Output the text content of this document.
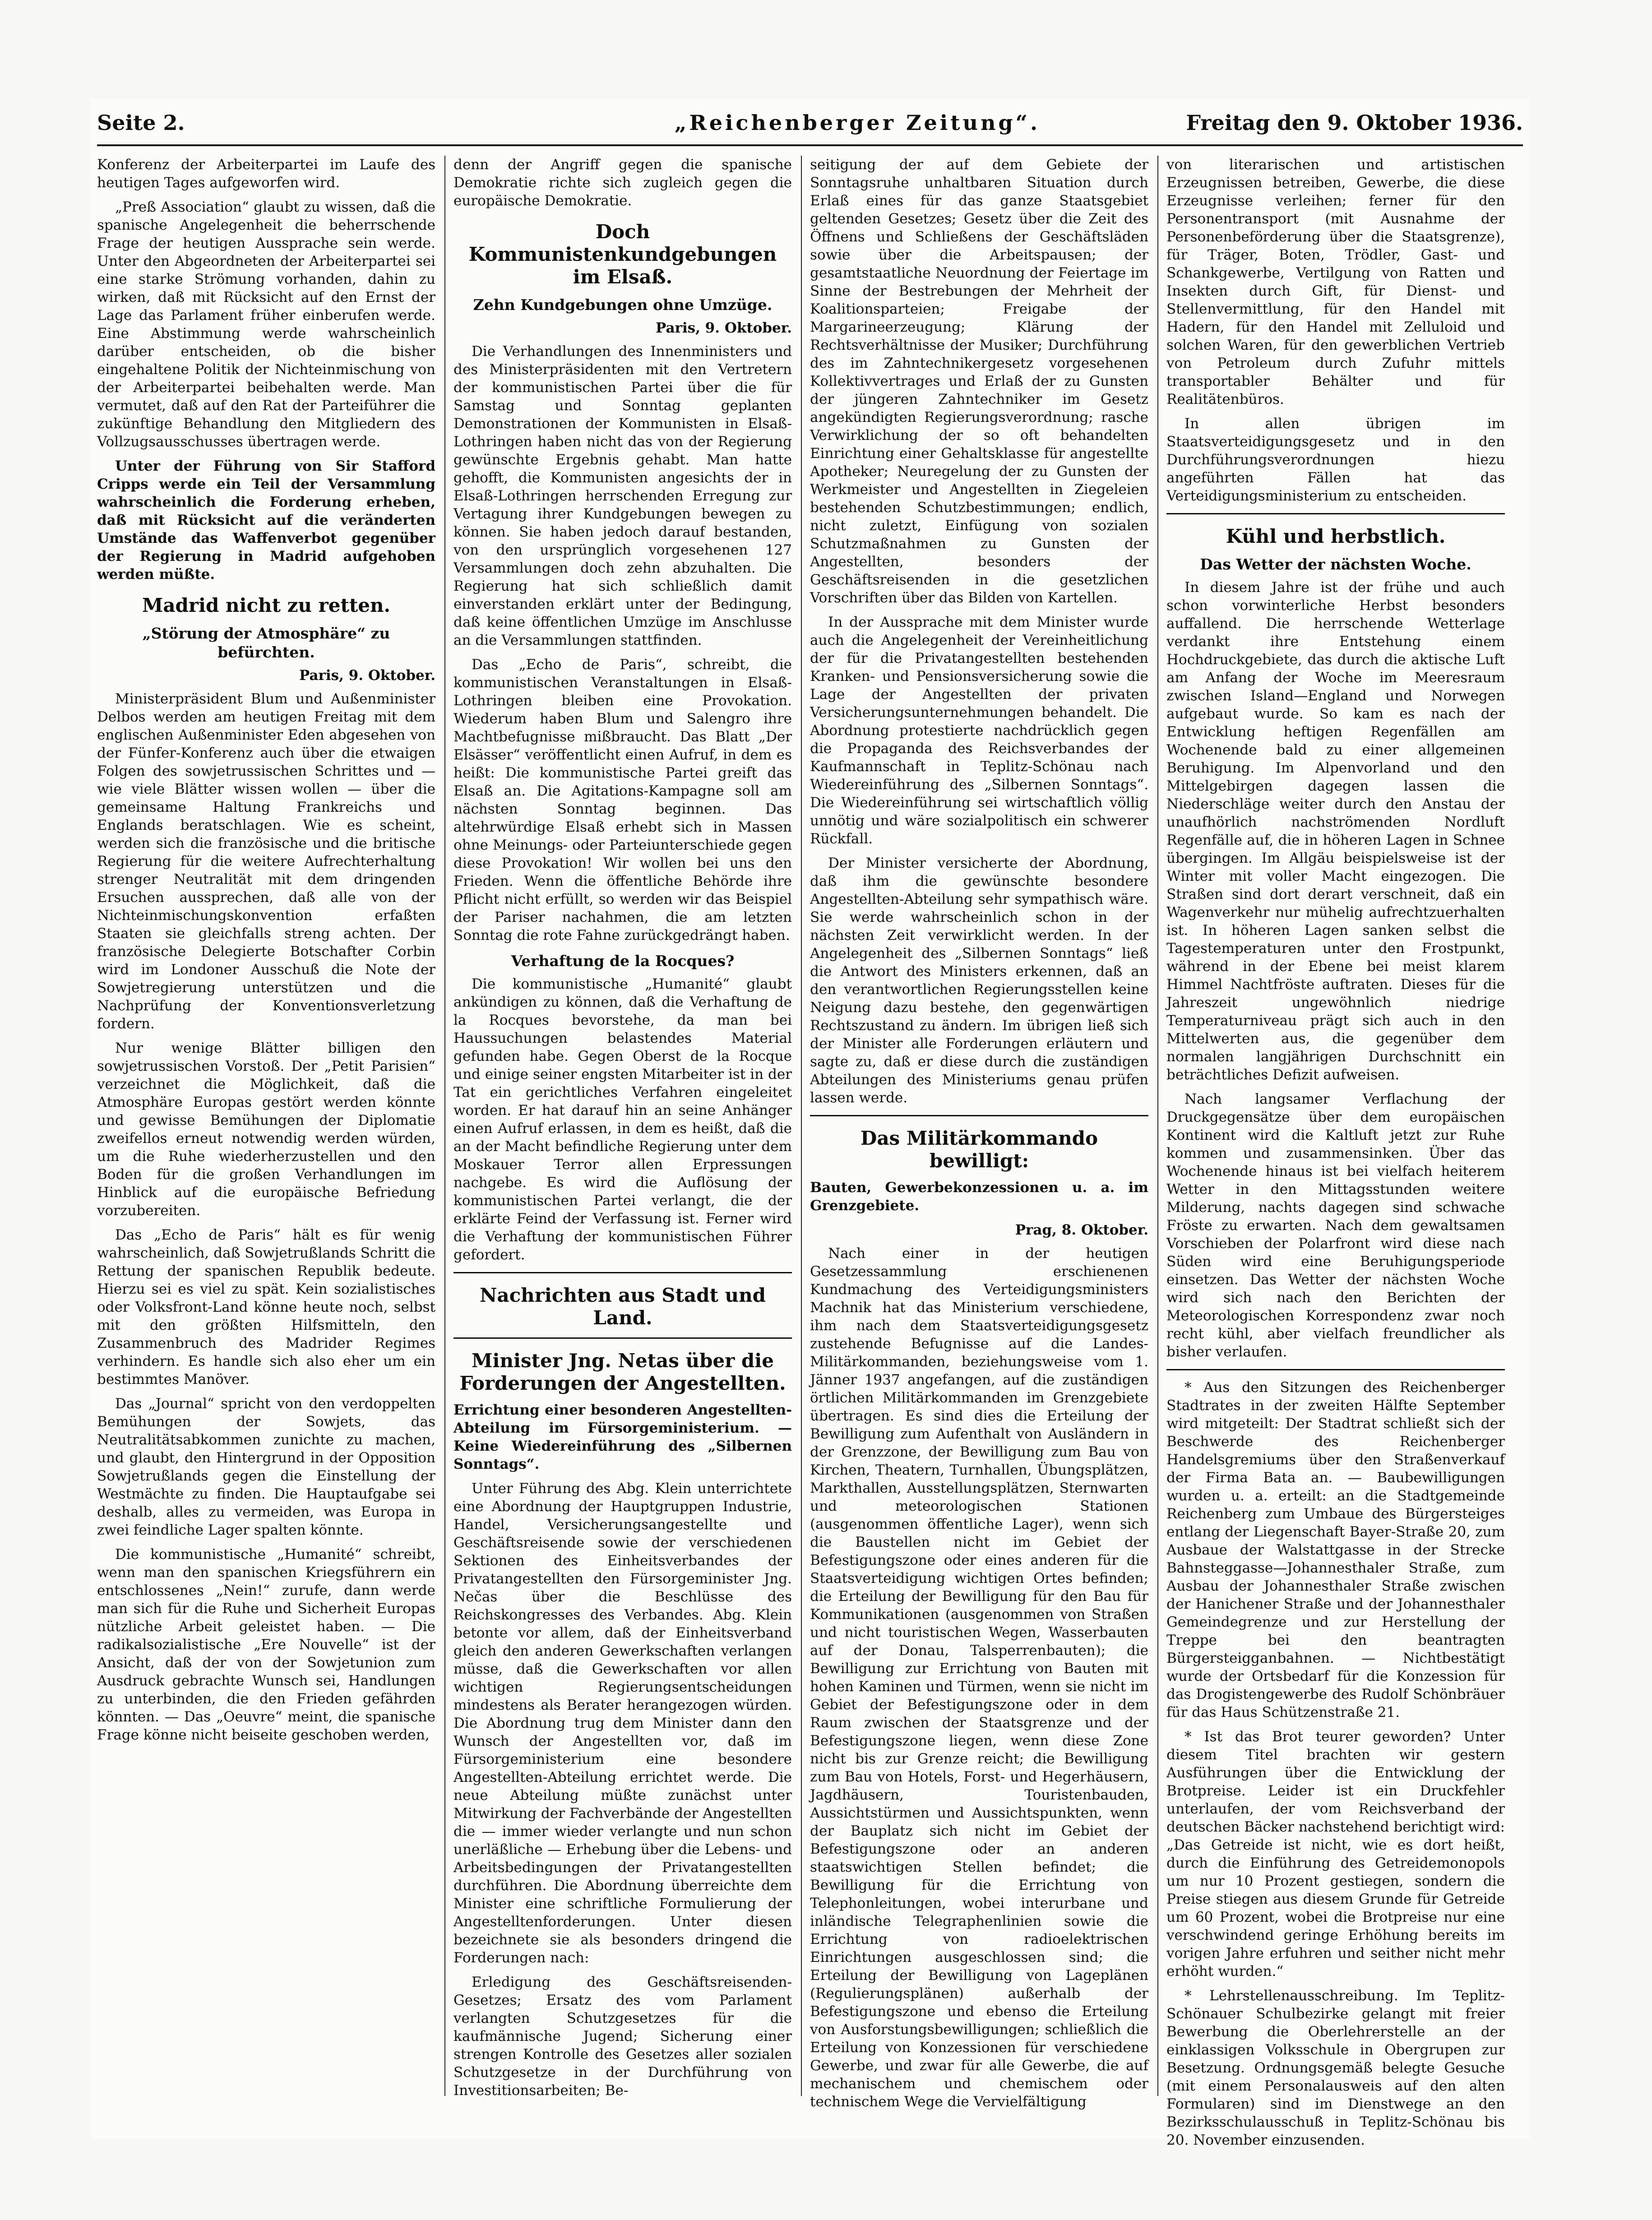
Seite 2.	„Reichenberger Zeitung“.	Freitag den 9. Oktober 1936.

Konferenz der Arbeiterpartei im Laufe des heutigen Tages aufgeworfen wird.

„Preß Association“ glaubt zu wissen, daß die spanische Angelegenheit die beherrschende Frage der heutigen Aussprache sein werde. Unter den Abgeordneten der Arbeiterpartei sei eine starke Strömung vorhanden, dahin zu wirken, daß mit Rücksicht auf den Ernst der Lage das Parlament früher einberufen werde. Eine Abstimmung werde wahrscheinlich darüber entscheiden, ob die bisher eingehaltene Politik der Nichteinmischung von der Arbeiterpartei beibehalten werde. Man vermutet, daß auf den Rat der Parteiführer die zukünftige Behandlung den Mitgliedern des Vollzugsausschusses übertragen werde.

Unter der Führung von Sir Stafford Cripps werde ein Teil der Versammlung wahrscheinlich die Forderung erheben, daß mit Rücksicht auf die veränderten Umstände das Waffenverbot gegenüber der Regierung in Madrid aufgehoben werden müßte.

Madrid nicht zu retten.
„Störung der Atmosphäre“ zu befürchten.
Paris, 9. Oktober.

Ministerpräsident Blum und Außenminister Delbos werden am heutigen Freitag mit dem englischen Außenminister Eden abgesehen von der Fünfer-Konferenz auch über die etwaigen Folgen des sowjetrussischen Schrittes und — wie viele Blätter wissen wollen — über die gemeinsame Haltung Frankreichs und Englands beratschlagen. Wie es scheint, werden sich die französische und die britische Regierung für die weitere Aufrechterhaltung strenger Neutralität mit dem dringenden Ersuchen aussprechen, daß alle von der Nichteinmischungskonvention erfaßten Staaten sie gleichfalls streng achten. Der französische Delegierte Botschafter Corbin wird im Londoner Ausschuß die Note der Sowjetregierung unterstützen und die Nachprüfung der Konventionsverletzung fordern.

Nur wenige Blätter billigen den sowjetrussischen Vorstoß. Der „Petit Parisien“ verzeichnet die Möglichkeit, daß die Atmosphäre Europas gestört werden könnte und gewisse Bemühungen der Diplomatie zweifellos erneut notwendig werden würden, um die Ruhe wiederherzustellen und den Boden für die großen Verhandlungen im Hinblick auf die europäische Befriedung vorzubereiten.

Das „Echo de Paris“ hält es für wenig wahrscheinlich, daß Sowjetrußlands Schritt die Rettung der spanischen Republik bedeute. Hierzu sei es viel zu spät. Kein sozialistisches oder Volksfront-Land könne heute noch, selbst mit den größten Hilfsmitteln, den Zusammenbruch des Madrider Regimes verhindern. Es handle sich also eher um ein bestimmtes Manöver.

Das „Journal“ spricht von den verdoppelten Bemühungen der Sowjets, das Neutralitätsabkommen zunichte zu machen, und glaubt, den Hintergrund in der Opposition Sowjetrußlands gegen die Einstellung der Westmächte zu finden. Die Hauptaufgabe sei deshalb, alles zu vermeiden, was Europa in zwei feindliche Lager spalten könnte.

Die kommunistische „Humanité“ schreibt, wenn man den spanischen Kriegsführern ein entschlossenes „Nein!“ zurufe, dann werde man sich für die Ruhe und Sicherheit Europas nützliche Arbeit geleistet haben. — Die radikalsozialistische „Ere Nouvelle“ ist der Ansicht, daß der von der Sowjetunion zum Ausdruck gebrachte Wunsch sei, Handlungen zu unterbinden, die den Frieden gefährden könnten. — Das „Oeuvre“ meint, die spanische Frage könne nicht beiseite geschoben werden,

denn der Angriff gegen die spanische Demokratie richte sich zugleich gegen die europäische Demokratie.

Doch Kommunistenkundgebungen im Elsaß.
Zehn Kundgebungen ohne Umzüge.
Paris, 9. Oktober.

Die Verhandlungen des Innenministers und des Ministerpräsidenten mit den Vertretern der kommunistischen Partei über die für Samstag und Sonntag geplanten Demonstrationen der Kommunisten in Elsaß-Lothringen haben nicht das von der Regierung gewünschte Ergebnis gehabt. Man hatte gehofft, die Kommunisten angesichts der in Elsaß-Lothringen herrschenden Erregung zur Vertagung ihrer Kundgebungen bewegen zu können. Sie haben jedoch darauf bestanden, von den ursprünglich vorgesehenen 127 Versammlungen doch zehn abzuhalten. Die Regierung hat sich schließlich damit einverstanden erklärt unter der Bedingung, daß keine öffentlichen Umzüge im Anschlusse an die Versammlungen stattfinden.

Das „Echo de Paris“, schreibt, die kommunistischen Veranstaltungen in Elsaß-Lothringen bleiben eine Provokation. Wiederum haben Blum und Salengro ihre Machtbefugnisse mißbraucht. Das Blatt „Der Elsässer“ veröffentlicht einen Aufruf, in dem es heißt: Die kommunistische Partei greift das Elsaß an. Die Agitations-Kampagne soll am nächsten Sonntag beginnen. Das altehrwürdige Elsaß erhebt sich in Massen ohne Meinungs- oder Parteiunterschiede gegen diese Provokation! Wir wollen bei uns den Frieden. Wenn die öffentliche Behörde ihre Pflicht nicht erfüllt, so werden wir das Beispiel der Pariser nachahmen, die am letzten Sonntag die rote Fahne zurückgedrängt haben.

Verhaftung de la Rocques?

Die kommunistische „Humanité“ glaubt ankündigen zu können, daß die Verhaftung de la Rocques bevorstehe, da man bei Haussuchungen belastendes Material gefunden habe. Gegen Oberst de la Rocque und einige seiner engsten Mitarbeiter ist in der Tat ein gerichtliches Verfahren eingeleitet worden. Er hat darauf hin an seine Anhänger einen Aufruf erlassen, in dem es heißt, daß die an der Macht befindliche Regierung unter dem Moskauer Terror allen Erpressungen nachgebe. Es wird die Auflösung der kommunistischen Partei verlangt, die der erklärte Feind der Verfassung ist. Ferner wird die Verhaftung der kommunistischen Führer gefordert.

Nachrichten aus Stadt und Land.
Minister Jng. Netas über die Forderungen der Angestellten.

Errichtung einer besonderen Angestellten-Abteilung im Fürsorgeministerium. — Keine Wiedereinführung des „Silbernen Sonntags“.

Unter Führung des Abg. Klein unterrichtete eine Abordnung der Hauptgruppen Industrie, Handel, Versicherungsangestellte und Geschäftsreisende sowie der verschiedenen Sektionen des Einheitsverbandes der Privatangestellten den Fürsorgeminister Jng. Nečas über die Beschlüsse des Reichskongresses des Verbandes. Abg. Klein betonte vor allem, daß der Einheitsverband gleich den anderen Gewerkschaften verlangen müsse, daß die Gewerkschaften vor allen wichtigen Regierungsentscheidungen mindestens als Berater herangezogen würden. Die Abordnung trug dem Minister dann den Wunsch der Angestellten vor, daß im Fürsorgeministerium eine besondere Angestellten-Abteilung errichtet werde. Die neue Abteilung müßte zunächst unter Mitwirkung der Fachverbände der Angestellten die — immer wieder verlangte und nun schon unerläßliche — Erhebung über die Lebens- und Arbeitsbedingungen der Privatangestellten durchführen. Die Abordnung überreichte dem Minister eine schriftliche Formulierung der Angestelltenforderungen. Unter diesen bezeichnete sie als besonders dringend die Forderungen nach:

Erledigung des Geschäftsreisenden-Gesetzes; Ersatz des vom Parlament verlangten Schutzgesetzes für die kaufmännische Jugend; Sicherung einer strengen Kontrolle des Gesetzes aller sozialen Schutzgesetze in der Durchführung von Investitionsarbeiten; Be-

seitigung der auf dem Gebiete der Sonntagsruhe unhaltbaren Situation durch Erlaß eines für das ganze Staatsgebiet geltenden Gesetzes; Gesetz über die Zeit des Öffnens und Schließens der Geschäftsläden sowie über die Arbeitspausen; der gesamtstaatliche Neuordnung der Feiertage im Sinne der Bestrebungen der Mehrheit der Koalitionsparteien; Freigabe der Margarineerzeugung; Klärung der Rechtsverhältnisse der Musiker; Durchführung des im Zahntechnikergesetz vorgesehenen Kollektivvertrages und Erlaß der zu Gunsten der jüngeren Zahntechniker im Gesetz angekündigten Regierungsverordnung; rasche Verwirklichung der so oft behandelten Einrichtung einer Gehaltsklasse für angestellte Apotheker; Neuregelung der zu Gunsten der Werkmeister und Angestellten in Ziegeleien bestehenden Schutzbestimmungen; endlich, nicht zuletzt, Einfügung von sozialen Schutzmaßnahmen zu Gunsten der Angestellten, besonders der Geschäftsreisenden in die gesetzlichen Vorschriften über das Bilden von Kartellen.

In der Aussprache mit dem Minister wurde auch die Angelegenheit der Vereinheitlichung der für die Privatangestellten bestehenden Kranken- und Pensionsversicherung sowie die Lage der Angestellten der privaten Versicherungsunternehmungen behandelt. Die Abordnung protestierte nachdrücklich gegen die Propaganda des Reichsverbandes der Kaufmannschaft in Teplitz-Schönau nach Wiedereinführung des „Silbernen Sonntags“. Die Wiedereinführung sei wirtschaftlich völlig unnötig und wäre sozialpolitisch ein schwerer Rückfall.

Der Minister versicherte der Abordnung, daß ihm die gewünschte besondere Angestellten-Abteilung sehr sympathisch wäre. Sie werde wahrscheinlich schon in der nächsten Zeit verwirklicht werden. In der Angelegenheit des „Silbernen Sonntags“ ließ die Antwort des Ministers erkennen, daß an den verantwortlichen Regierungsstellen keine Neigung dazu bestehe, den gegenwärtigen Rechtszustand zu ändern. Im übrigen ließ sich der Minister alle Forderungen erläutern und sagte zu, daß er diese durch die zuständigen Abteilungen des Ministeriums genau prüfen lassen werde.

Das Militärkommando bewilligt:

Bauten, Gewerbekonzessionen u. a. im Grenzgebiete.

Prag, 8. Oktober.

Nach einer in der heutigen Gesetzessammlung erschienenen Kundmachung des Verteidigungsministers Machnik hat das Ministerium verschiedene, ihm nach dem Staatsverteidigungsgesetz zustehende Befugnisse auf die Landes-Militärkommanden, beziehungsweise vom 1. Jänner 1937 angefangen, auf die zuständigen örtlichen Militärkommanden im Grenzgebiete übertragen. Es sind dies die Erteilung der Bewilligung zum Aufenthalt von Ausländern in der Grenzzone, der Bewilligung zum Bau von Kirchen, Theatern, Turnhallen, Übungsplätzen, Markthallen, Ausstellungsplätzen, Sternwarten und meteorologischen Stationen (ausgenommen öffentliche Lager), wenn sich die Baustellen nicht im Gebiet der Befestigungszone oder eines anderen für die Staatsverteidigung wichtigen Ortes befinden; die Erteilung der Bewilligung für den Bau für Kommunikationen (ausgenommen von Straßen und nicht touristischen Wegen, Wasserbauten auf der Donau, Talsperrenbauten); die Bewilligung zur Errichtung von Bauten mit hohen Kaminen und Türmen, wenn sie nicht im Gebiet der Befestigungszone oder in dem Raum zwischen der Staatsgrenze und der Befestigungszone liegen, wenn diese Zone nicht bis zur Grenze reicht; die Bewilligung zum Bau von Hotels, Forst- und Hegerhäusern, Jagdhäusern, Touristenbauden, Aussichtstürmen und Aussichtspunkten, wenn der Bauplatz sich nicht im Gebiet der Befestigungszone oder an anderen staatswichtigen Stellen befindet; die Bewilligung für die Errichtung von Telephonleitungen, wobei interurbane und inländische Telegraphenlinien sowie die Errichtung von radioelektrischen Einrichtungen ausgeschlossen sind; die Erteilung der Bewilligung von Lageplänen (Regulierungsplänen) außerhalb der Befestigungszone und ebenso die Erteilung von Ausforstungsbewilligungen; schließlich die Erteilung von Konzessionen für verschiedene Gewerbe, und zwar für alle Gewerbe, die auf mechanischem und chemischem oder technischem Wege die Vervielfältigung

von literarischen und artistischen Erzeugnissen betreiben, Gewerbe, die diese Erzeugnisse verleihen; ferner für den Personentransport (mit Ausnahme der Personenbeförderung über die Staatsgrenze), für Träger, Boten, Trödler, Gast- und Schankgewerbe, Vertilgung von Ratten und Insekten durch Gift, für Dienst- und Stellenvermittlung, für den Handel mit Hadern, für den Handel mit Zelluloid und solchen Waren, für den gewerblichen Vertrieb von Petroleum durch Zufuhr mittels transportabler Behälter und für Realitätenbüros.

In allen übrigen im Staatsverteidigungsgesetz und in den Durchführungsverordnungen hiezu angeführten Fällen hat das Verteidigungsministerium zu entscheiden.

Kühl und herbstlich.
Das Wetter der nächsten Woche.

In diesem Jahre ist der frühe und auch schon vorwinterliche Herbst besonders auffallend. Die herrschende Wetterlage verdankt ihre Entstehung einem Hochdruckgebiete, das durch die aktische Luft am Anfang der Woche im Meeresraum zwischen Island—England und Norwegen aufgebaut wurde. So kam es nach der Entwicklung heftigen Regenfällen am Wochenende bald zu einer allgemeinen Beruhigung. Im Alpenvorland und den Mittelgebirgen dagegen lassen die Niederschläge weiter durch den Anstau der unaufhörlich nachströmenden Nordluft Regenfälle auf, die in höheren Lagen in Schnee übergingen. Im Allgäu beispielsweise ist der Winter mit voller Macht eingezogen. Die Straßen sind dort derart verschneit, daß ein Wagenverkehr nur mühelig aufrechtzuerhalten ist. In höheren Lagen sanken selbst die Tagestemperaturen unter den Frostpunkt, während in der Ebene bei meist klarem Himmel Nachtfröste auftraten. Dieses für die Jahreszeit ungewöhnlich niedrige Temperaturniveau prägt sich auch in den Mittelwerten aus, die gegenüber dem normalen langjährigen Durchschnitt ein beträchtliches Defizit aufweisen.

Nach langsamer Verflachung der Druckgegensätze über dem europäischen Kontinent wird die Kaltluft jetzt zur Ruhe kommen und zusammensinken. Über das Wochenende hinaus ist bei vielfach heiterem Wetter in den Mittagsstunden weitere Milderung, nachts dagegen sind schwache Fröste zu erwarten. Nach dem gewaltsamen Vorschieben der Polarfront wird diese nach Süden wird eine Beruhigungsperiode einsetzen. Das Wetter der nächsten Woche wird sich nach den Berichten der Meteorologischen Korrespondenz zwar noch recht kühl, aber vielfach freundlicher als bisher verlaufen.

* Aus den Sitzungen des Reichenberger Stadtrates in der zweiten Hälfte September wird mitgeteilt: Der Stadtrat schließt sich der Beschwerde des Reichenberger Handelsgremiums über den Straßenverkauf der Firma Bata an. — Baubewilligungen wurden u. a. erteilt: an die Stadtgemeinde Reichenberg zum Umbaue des Bürgersteiges entlang der Liegenschaft Bayer-Straße 20, zum Ausbaue der Walstattgasse in der Strecke Bahnsteggasse—Johannesthaler Straße, zum Ausbau der Johannesthaler Straße zwischen der Hanichener Straße und der Johannesthaler Gemeindegrenze und zur Herstellung der Treppe bei den beantragten Bürgersteigganbahnen. — Nichtbestätigt wurde der Ortsbedarf für die Konzession für das Drogistengewerbe des Rudolf Schönbräuer für das Haus Schützenstraße 21.

* Ist das Brot teurer geworden? Unter diesem Titel brachten wir gestern Ausführungen über die Entwicklung der Brotpreise. Leider ist ein Druckfehler unterlaufen, der vom Reichsverband der deutschen Bäcker nachstehend berichtigt wird: „Das Getreide ist nicht, wie es dort heißt, durch die Einführung des Getreidemonopols um nur 10 Prozent gestiegen, sondern die Preise stiegen aus diesem Grunde für Getreide um 60 Prozent, wobei die Brotpreise nur eine verschwindend geringe Erhöhung bereits im vorigen Jahre erfuhren und seither nicht mehr erhöht wurden.“

* Lehrstellenausschreibung. Im Teplitz-Schönauer Schulbezirke gelangt mit freier Bewerbung die Oberlehrerstelle an der einklassigen Volksschule in Obergrupen zur Besetzung. Ordnungsgemäß belegte Gesuche (mit einem Personalausweis auf den alten Formularen) sind im Dienstwege an den Bezirksschulausschuß in Teplitz-Schönau bis 20. November einzusenden.
